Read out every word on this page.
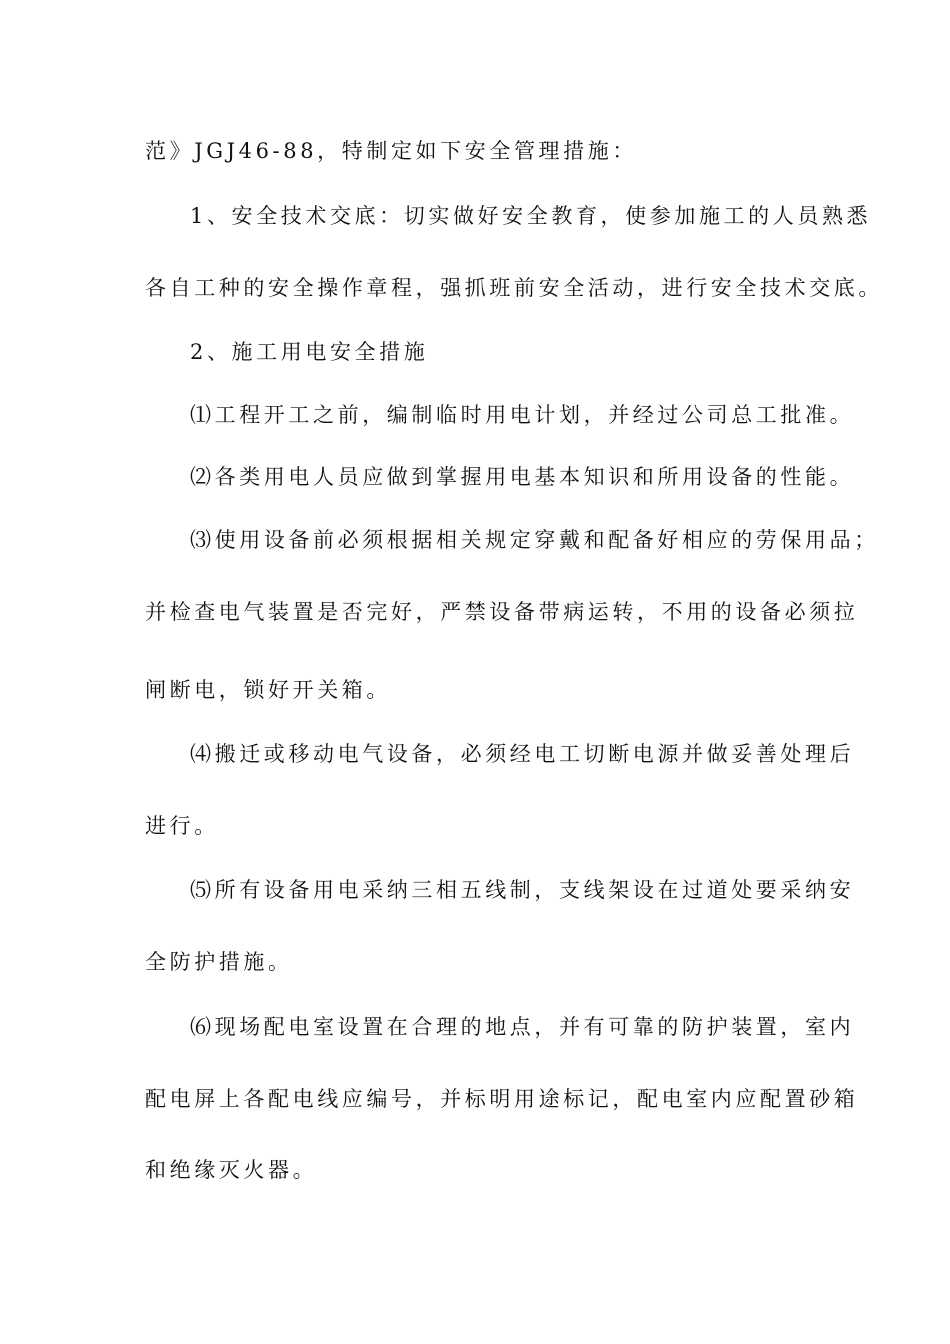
范》JGJ46-88，特制定如下安全管理措施：
1、安全技术交底：切实做好安全教育，使参加施工的人员熟悉
各自工种的安全操作章程，强抓班前安全活动，进行安全技术交底。
2、施工用电安全措施
⑴工程开工之前，编制临时用电计划，并经过公司总工批准。
⑵各类用电人员应做到掌握用电基本知识和所用设备的性能。
⑶使用设备前必须根据相关规定穿戴和配备好相应的劳保用品；
并检查电气装置是否完好，严禁设备带病运转，不用的设备必须拉
闸断电，锁好开关箱。
⑷搬迁或移动电气设备，必须经电工切断电源并做妥善处理后
进行。
⑸所有设备用电采纳三相五线制，支线架设在过道处要采纳安
全防护措施。
⑹现场配电室设置在合理的地点，并有可靠的防护装置，室内
配电屏上各配电线应编号，并标明用途标记，配电室内应配置砂箱
和绝缘灭火器。
